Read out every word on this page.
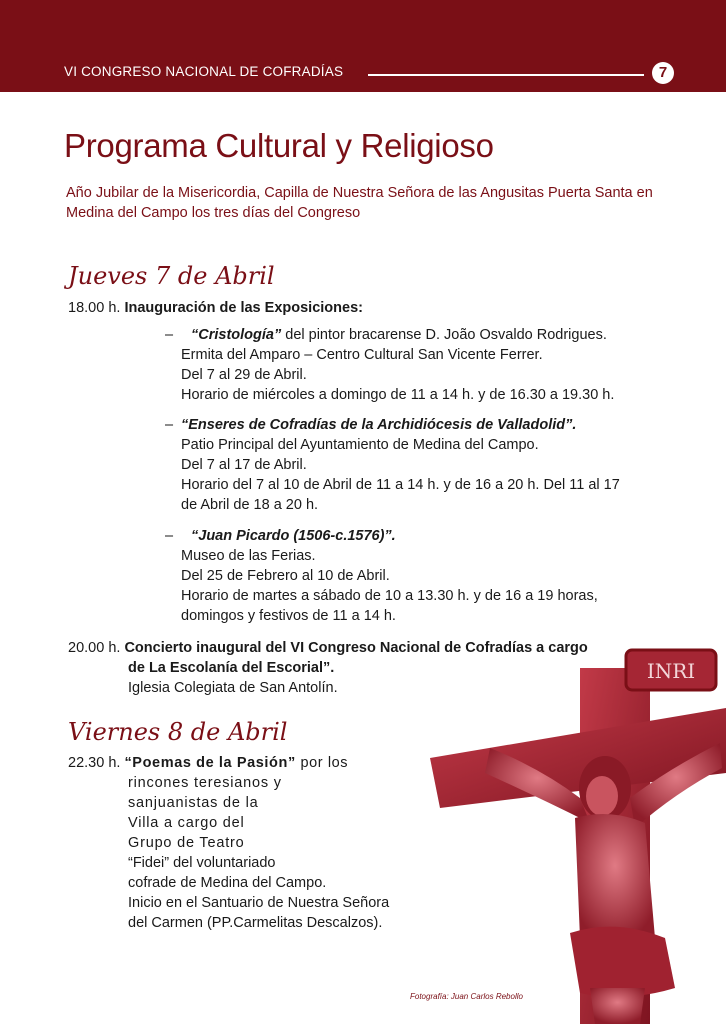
VI CONGRESO NACIONAL DE COFRADÍAS	7
Programa Cultural y Religioso
Año Jubilar de la Misericordia, Capilla de Nuestra Señora de las Angusitas Puerta Santa en Medina del Campo los tres días del Congreso
Jueves 7 de Abril
18.00 h. Inauguración de las Exposiciones:
– “Cristología” del pintor bracarense D. João Osvaldo Rodrigues.
Ermita del Amparo – Centro Cultural San Vicente Ferrer.
Del 7 al 29 de Abril.
Horario de miércoles a domingo de 11 a 14 h. y de 16.30 a 19.30 h.
– “Enseres de Cofradías de la Archidiócesis de Valladolid”.
Patio Principal del Ayuntamiento de Medina del Campo.
Del 7 al 17 de Abril.
Horario del 7 al 10 de Abril de 11 a 14 h. y de 16 a 20 h. Del 11 al 17
de Abril de 18 a 20 h.
– “Juan Picardo (1506-c.1576)”.
Museo de las Ferias.
Del 25 de Febrero al 10 de Abril.
Horario de martes a sábado de 10 a 13.30 h. y de 16 a 19 horas,
domingos y festivos de 11 a 14 h.
20.00 h. Concierto inaugural del VI Congreso Nacional de Cofradías a cargo
de La Escolanía del Escorial”.
Iglesia Colegiata de San Antolín.
Viernes 8 de Abril
22.30 h. “Poemas de la Pasión” por los
rincones teresianos y
sanjuanistas de la
Villa a cargo del
Grupo de Teatro
“Fidei” del voluntariado
cofrade de Medina del Campo.
Inicio en el Santuario de Nuestra Señora
del Carmen (PP.Carmelitas Descalzos).
INRI
Fotografía: Juan Carlos Rebollo
